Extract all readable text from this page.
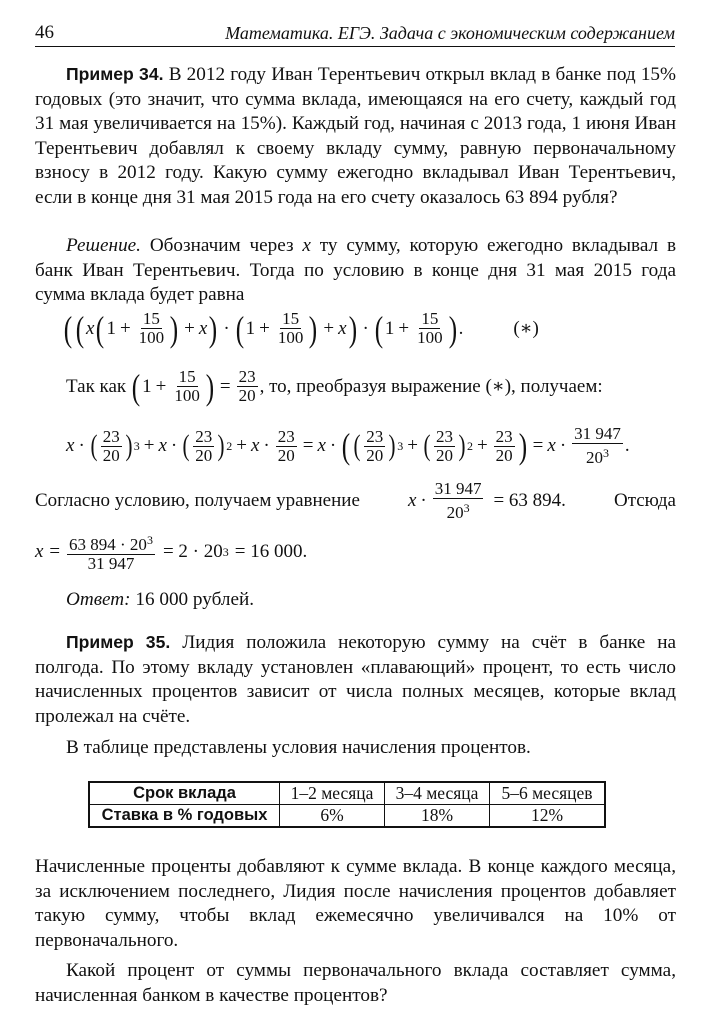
46	Математика. ЕГЭ. Задача с экономическим содержанием

Пример 34. В 2012 году Иван Терентьевич открыл вклад в банке под 15% годовых (это значит, что сумма вклада, имеющаяся на его счету, каждый год 31 мая увеличивается на 15%). Каждый год, начиная с 2013 года, 1 июня Иван Терентьевич добавлял к своему вкладу сумму, равную первоначальному взносу в 2012 году. Какую сумму ежегодно вкладывал Иван Терентьевич, если в конце дня 31 мая 2015 года на его счету оказалось 63 894 рубля?

Решение. Обозначим через x ту сумму, которую ежегодно вкладывал в банк Иван Терентьевич. Тогда по условию в конце дня 31 мая 2015 года сумма вклада будет равна

( ( x ( $1 + \frac{15}{100}$ ) + x ) · ( $1 + \frac{15}{100}$ ) + x ) · ( $1 + \frac{15}{100}$ ) .	(∗)
Так как ( $1 + \frac{15}{100}$ ) = $\frac{23}{20}$ , то, преобразуя выражение (∗), получаем:
x · ( $\frac{23}{20}$ ) 3 + x · ( $\frac{23}{20}$ ) $2 + x \cdot \frac{23}{20} = x$ · ( ( $\frac{23}{20}$ ) 3 + ( $\frac{23}{20}$ ) $2 + \frac{23}{20}$ ) = $x \cdot \frac{31 947}{20^3}$ .
Согласно условию, получаем уравнение	$x \cdot \frac{31 947}{20^3} = 63$ 894.	Отсюда
$x = \frac{63 894 \cdot 20^3}{31 947} = 2 \cdot 20$ 3 = 16 000.

Ответ: 16 000 рублей.

Пример 35. Лидия положила некоторую сумму на счёт в банке на полгода. По этому вкладу установлен «плавающий» процент, то есть число начисленных процентов зависит от числа полных месяцев, которые вклад пролежал на счёте.

В таблице представлены условия начисления процентов.

Срок вклада	1–2 месяца	3–4 месяца	5–6 месяцев
Ставка в % годовых	6%	18%	12%

Начисленные проценты добавляют к сумме вклада. В конце каждого месяца, за исключением последнего, Лидия после начисления процентов добавляет такую сумму, чтобы вклад ежемесячно увеличивался на 10% от первоначального.

Какой процент от суммы первоначального вклада составляет сумма, начисленная банком в качестве процентов?
